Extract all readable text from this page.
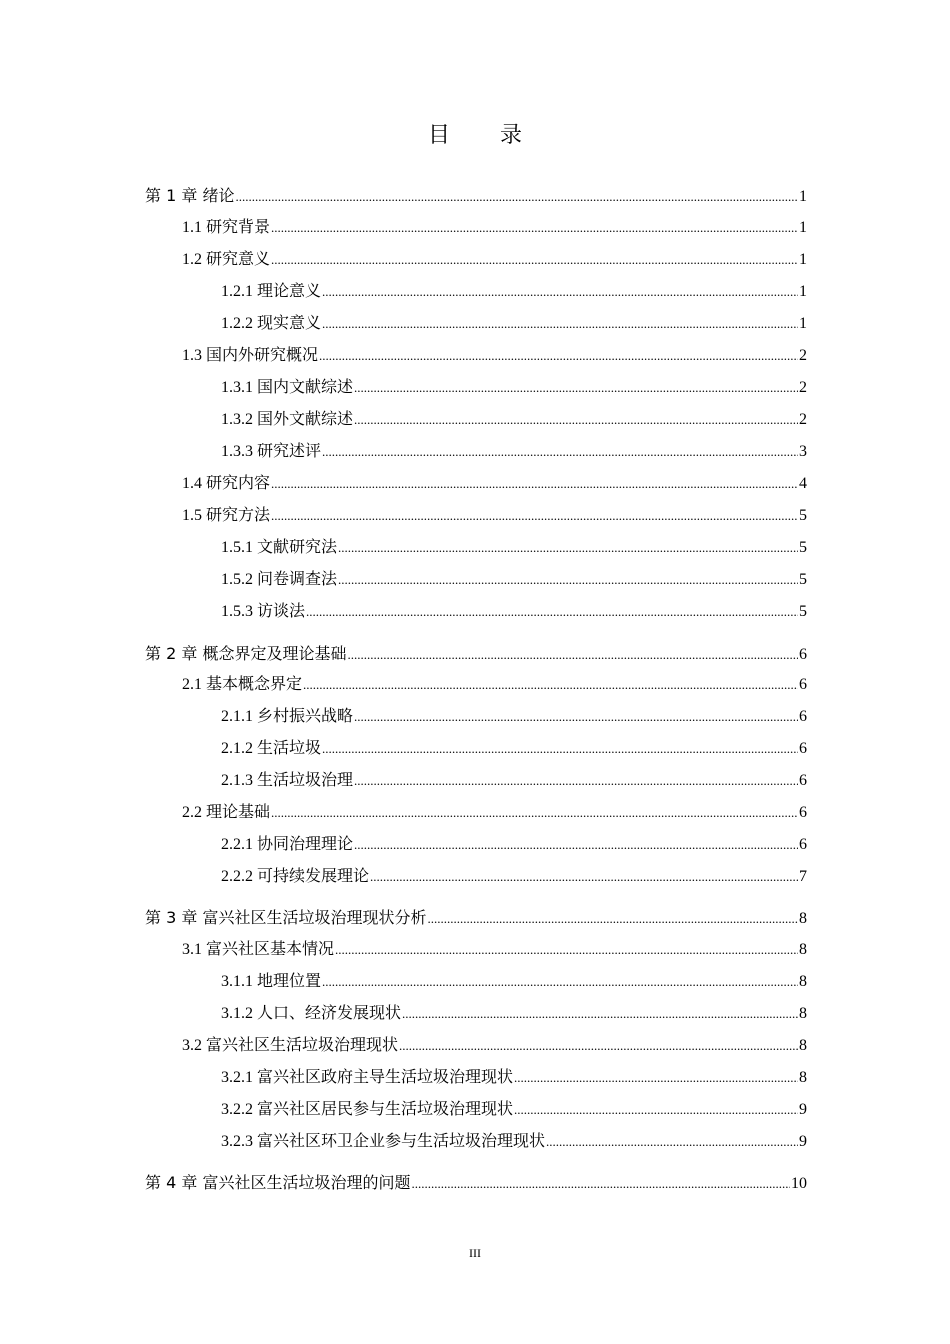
目　录
第 1 章 绪论 .....	1
1.1 研究背景 .....	1
1.2 研究意义 .....	1
1.2.1 理论意义 .....	1
1.2.2 现实意义 .....	1
1.3 国内外研究概况 .....	2
1.3.1 国内文献综述 .....	2
1.3.2 国外文献综述 .....	2
1.3.3 研究述评 .....	3
1.4 研究内容 .....	4
1.5 研究方法 .....	5
1.5.1 文献研究法 .....	5
1.5.2 问卷调查法 .....	5
1.5.3 访谈法 .....	5
第 2 章 概念界定及理论基础 .....	6
2.1 基本概念界定 .....	6
2.1.1 乡村振兴战略 .....	6
2.1.2 生活垃圾 .....	6
2.1.3 生活垃圾治理 .....	6
2.2 理论基础 .....	6
2.2.1 协同治理理论 .....	6
2.2.2 可持续发展理论 .....	7
第 3 章 富兴社区生活垃圾治理现状分析 .....	8
3.1 富兴社区基本情况 .....	8
3.1.1 地理位置 .....	8
3.1.2 人口、经济发展现状 .....	8
3.2 富兴社区生活垃圾治理现状 .....	8
3.2.1 富兴社区政府主导生活垃圾治理现状 .....	8
3.2.2 富兴社区居民参与生活垃圾治理现状 .....	9
3.2.3 富兴社区环卫企业参与生活垃圾治理现状 .....	9
第 4 章 富兴社区生活垃圾治理的问题 .....	10
III
